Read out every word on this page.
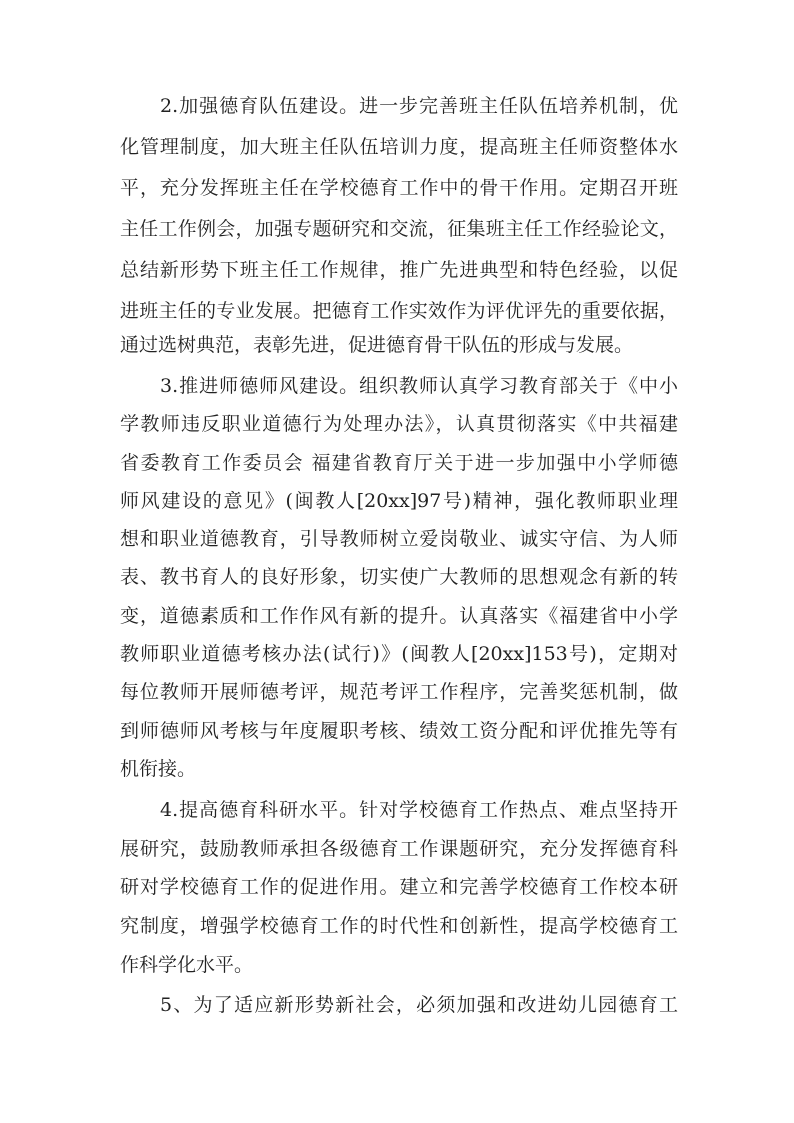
2.加强德育队伍建设。进一步完善班主任队伍培养机制，优
化管理制度，加大班主任队伍培训力度，提高班主任师资整体水
平，充分发挥班主任在学校德育工作中的骨干作用。定期召开班
主任工作例会，加强专题研究和交流，征集班主任工作经验论文，
总结新形势下班主任工作规律，推广先进典型和特色经验，以促
进班主任的专业发展。把德育工作实效作为评优评先的重要依据，
通过选树典范，表彰先进，促进德育骨干队伍的形成与发展。
3.推进师德师风建设。组织教师认真学习教育部关于《中小
学教师违反职业道德行为处理办法》，认真贯彻落实《中共福建
省委教育工作委员会 福建省教育厅关于进一步加强中小学师德
师风建设的意见》(闽教人[20xx]97号)精神，强化教师职业理
想和职业道德教育，引导教师树立爱岗敬业、诚实守信、为人师
表、教书育人的良好形象，切实使广大教师的思想观念有新的转
变，道德素质和工作作风有新的提升。认真落实《福建省中小学
教师职业道德考核办法(试行)》(闽教人[20xx]153号)，定期对
每位教师开展师德考评，规范考评工作程序，完善奖惩机制，做
到师德师风考核与年度履职考核、绩效工资分配和评优推先等有
机衔接。
4.提高德育科研水平。针对学校德育工作热点、难点坚持开
展研究，鼓励教师承担各级德育工作课题研究，充分发挥德育科
研对学校德育工作的促进作用。建立和完善学校德育工作校本研
究制度，增强学校德育工作的时代性和创新性，提高学校德育工
作科学化水平。
5、为了适应新形势新社会，必须加强和改进幼儿园德育工
